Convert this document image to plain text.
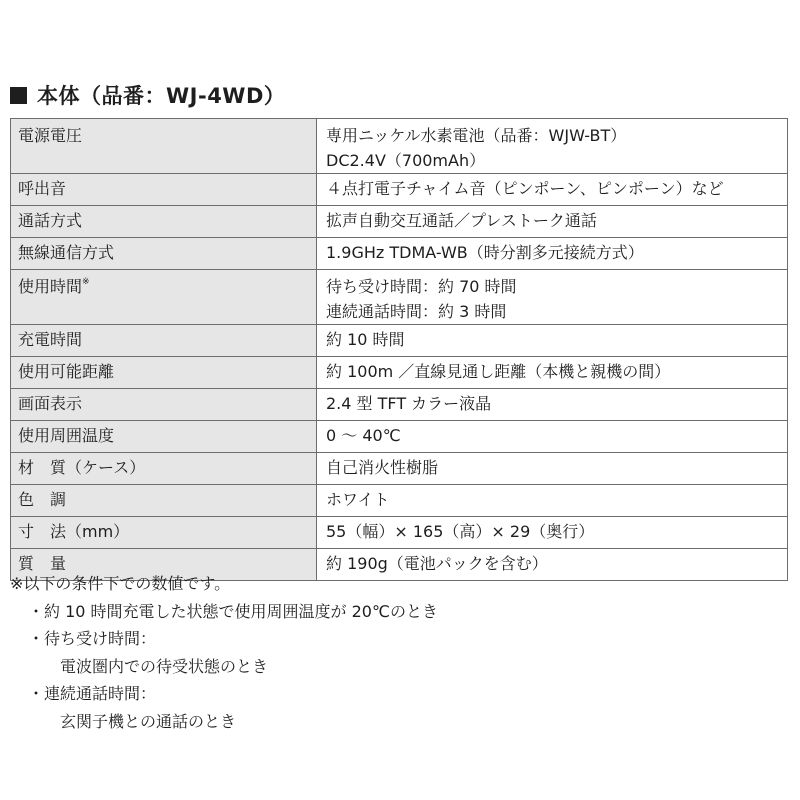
本体（品番：WJ-4WD）
電源電圧	専用ニッケル水素電池（品番：WJW-BT）
DC2.4V（700mAh）

呼出音	４点打電子チャイム音（ピンポーン、ピンポーン）など
通話方式	拡声自動交互通話／プレストーク通話
無線通信方式	1.9GHz TDMA-WB（時分割多元接続方式）
使用時間※	待ち受け時間：約 70 時間
連続通話時間：約 3 時間

充電時間	約 10 時間
使用可能距離	約 100m ／直線見通し距離（本機と親機の間）
画面表示	2.4 型 TFT カラー液晶
使用周囲温度	0 ～ 40℃
材　質（ケース）	自己消火性樹脂
色　調	ホワイト
寸　法（mm）	55（幅）× 165（高）× 29（奥行）
質　量	約 190g（電池パックを含む）
※以下の条件下での数値です。
・約 10 時間充電した状態で使用周囲温度が 20℃のとき
・待ち受け時間：
電波圏内での待受状態のとき
・連続通話時間：
玄関子機との通話のとき
